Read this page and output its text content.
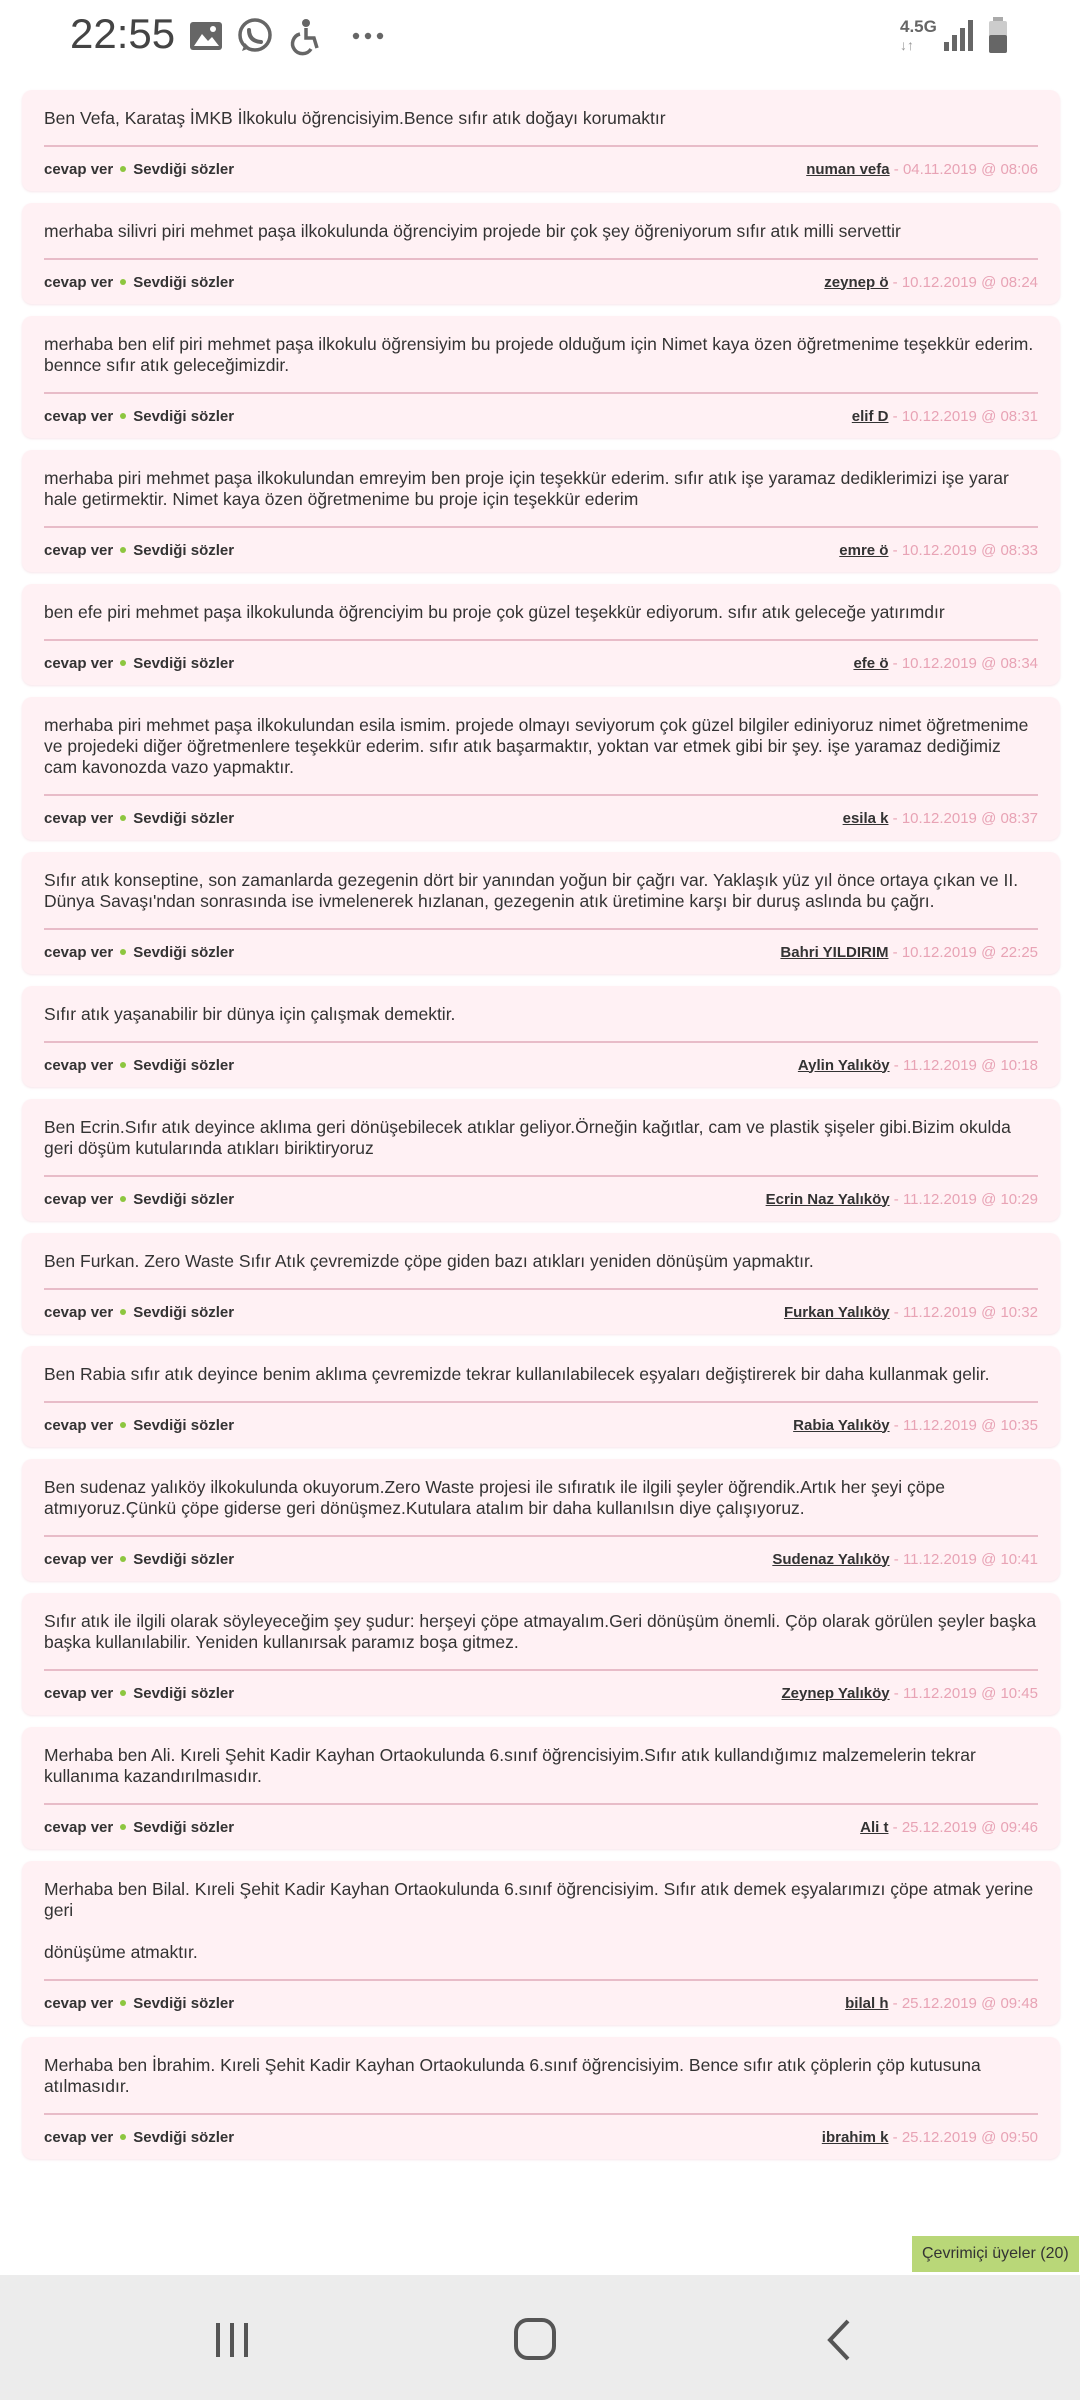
22:55	4.5G
↓↑
Ben Vefa, Karataş İMKB İlkokulu öğrencisiyim.Bence sıfır atık doğayı korumaktır
cevap ver Sevdiği sözler	numan vefa - 04.11.2019 @ 08:06
merhaba silivri piri mehmet paşa ilkokulunda öğrenciyim projede bir çok şey öğreniyorum sıfır atık milli servettir
cevap ver Sevdiği sözler	zeynep ö - 10.12.2019 @ 08:24
merhaba ben elif piri mehmet paşa ilkokulu öğrensiyim bu projede olduğum için Nimet kaya özen öğretmenime teşekkür ederim. bennce sıfır atık geleceğimizdir.
cevap ver Sevdiği sözler	elif D - 10.12.2019 @ 08:31
merhaba piri mehmet paşa ilkokulundan emreyim ben proje için teşekkür ederim. sıfır atık işe yaramaz dediklerimizi işe yarar hale getirmektir. Nimet kaya özen öğretmenime bu proje için teşekkür ederim
cevap ver Sevdiği sözler	emre ö - 10.12.2019 @ 08:33
ben efe piri mehmet paşa ilkokulunda öğrenciyim bu proje çok güzel teşekkür ediyorum. sıfır atık geleceğe yatırımdır
cevap ver Sevdiği sözler	efe ö - 10.12.2019 @ 08:34
merhaba piri mehmet paşa ilkokulundan esila ismim. projede olmayı seviyorum çok güzel bilgiler ediniyoruz nimet öğretmenime ve projedeki diğer öğretmenlere teşekkür ederim. sıfır atık başarmaktır, yoktan var etmek gibi bir şey. işe yaramaz dediğimiz cam kavonozda vazo yapmaktır.
cevap ver Sevdiği sözler	esila k - 10.12.2019 @ 08:37
Sıfır atık konseptine, son zamanlarda gezegenin dört bir yanından yoğun bir çağrı var. Yaklaşık yüz yıl önce ortaya çıkan ve II. Dünya Savaşı'ndan sonrasında ise ivmelenerek hızlanan, gezegenin atık üretimine karşı bir duruş aslında bu çağrı.
cevap ver Sevdiği sözler	Bahri YILDIRIM - 10.12.2019 @ 22:25
Sıfır atık yaşanabilir bir dünya için çalışmak demektir.
cevap ver Sevdiği sözler	Aylin Yalıköy - 11.12.2019 @ 10:18
Ben Ecrin.Sıfır atık deyince aklıma geri dönüşebilecek atıklar geliyor.Örneğin kağıtlar, cam ve plastik şişeler gibi.Bizim okulda geri döşüm kutularında atıkları biriktiryoruz
cevap ver Sevdiği sözler	Ecrin Naz Yalıköy - 11.12.2019 @ 10:29
Ben Furkan. Zero Waste Sıfır Atık çevremizde çöpe giden bazı atıkları yeniden dönüşüm yapmaktır.
cevap ver Sevdiği sözler	Furkan Yalıköy - 11.12.2019 @ 10:32
Ben Rabia sıfır atık deyince benim aklıma çevremizde tekrar kullanılabilecek eşyaları değiştirerek bir daha kullanmak gelir.
cevap ver Sevdiği sözler	Rabia Yalıköy - 11.12.2019 @ 10:35
Ben sudenaz yalıköy ilkokulunda okuyorum.Zero Waste projesi ile sıfıratık ile ilgili şeyler öğrendik.Artık her şeyi çöpe atmıyoruz.Çünkü çöpe giderse geri dönüşmez.Kutulara atalım bir daha kullanılsın diye çalışıyoruz.
cevap ver Sevdiği sözler	Sudenaz Yalıköy - 11.12.2019 @ 10:41
Sıfır atık ile ilgili olarak söyleyeceğim şey şudur: herşeyi çöpe atmayalım.Geri dönüşüm önemli. Çöp olarak görülen şeyler başka başka kullanılabilir. Yeniden kullanırsak paramız boşa gitmez.
cevap ver Sevdiği sözler	Zeynep Yalıköy - 11.12.2019 @ 10:45
Merhaba ben Ali. Kıreli Şehit Kadir Kayhan Ortaokulunda 6.sınıf öğrencisiyim.Sıfır atık kullandığımız malzemelerin tekrar kullanıma kazandırılmasıdır.
cevap ver Sevdiği sözler	Ali t - 25.12.2019 @ 09:46
Merhaba ben Bilal. Kıreli Şehit Kadir Kayhan Ortaokulunda 6.sınıf öğrencisiyim. Sıfır atık demek eşyalarımızı çöpe atmak yerine geri

dönüşüme atmaktır.
cevap ver Sevdiği sözler	bilal h - 25.12.2019 @ 09:48
Merhaba ben İbrahim. Kıreli Şehit Kadir Kayhan Ortaokulunda 6.sınıf öğrencisiyim. Bence sıfır atık çöplerin çöp kutusuna atılmasıdır.
cevap ver Sevdiği sözler	ibrahim k - 25.12.2019 @ 09:50
Çevrimiçi üyeler (20)
